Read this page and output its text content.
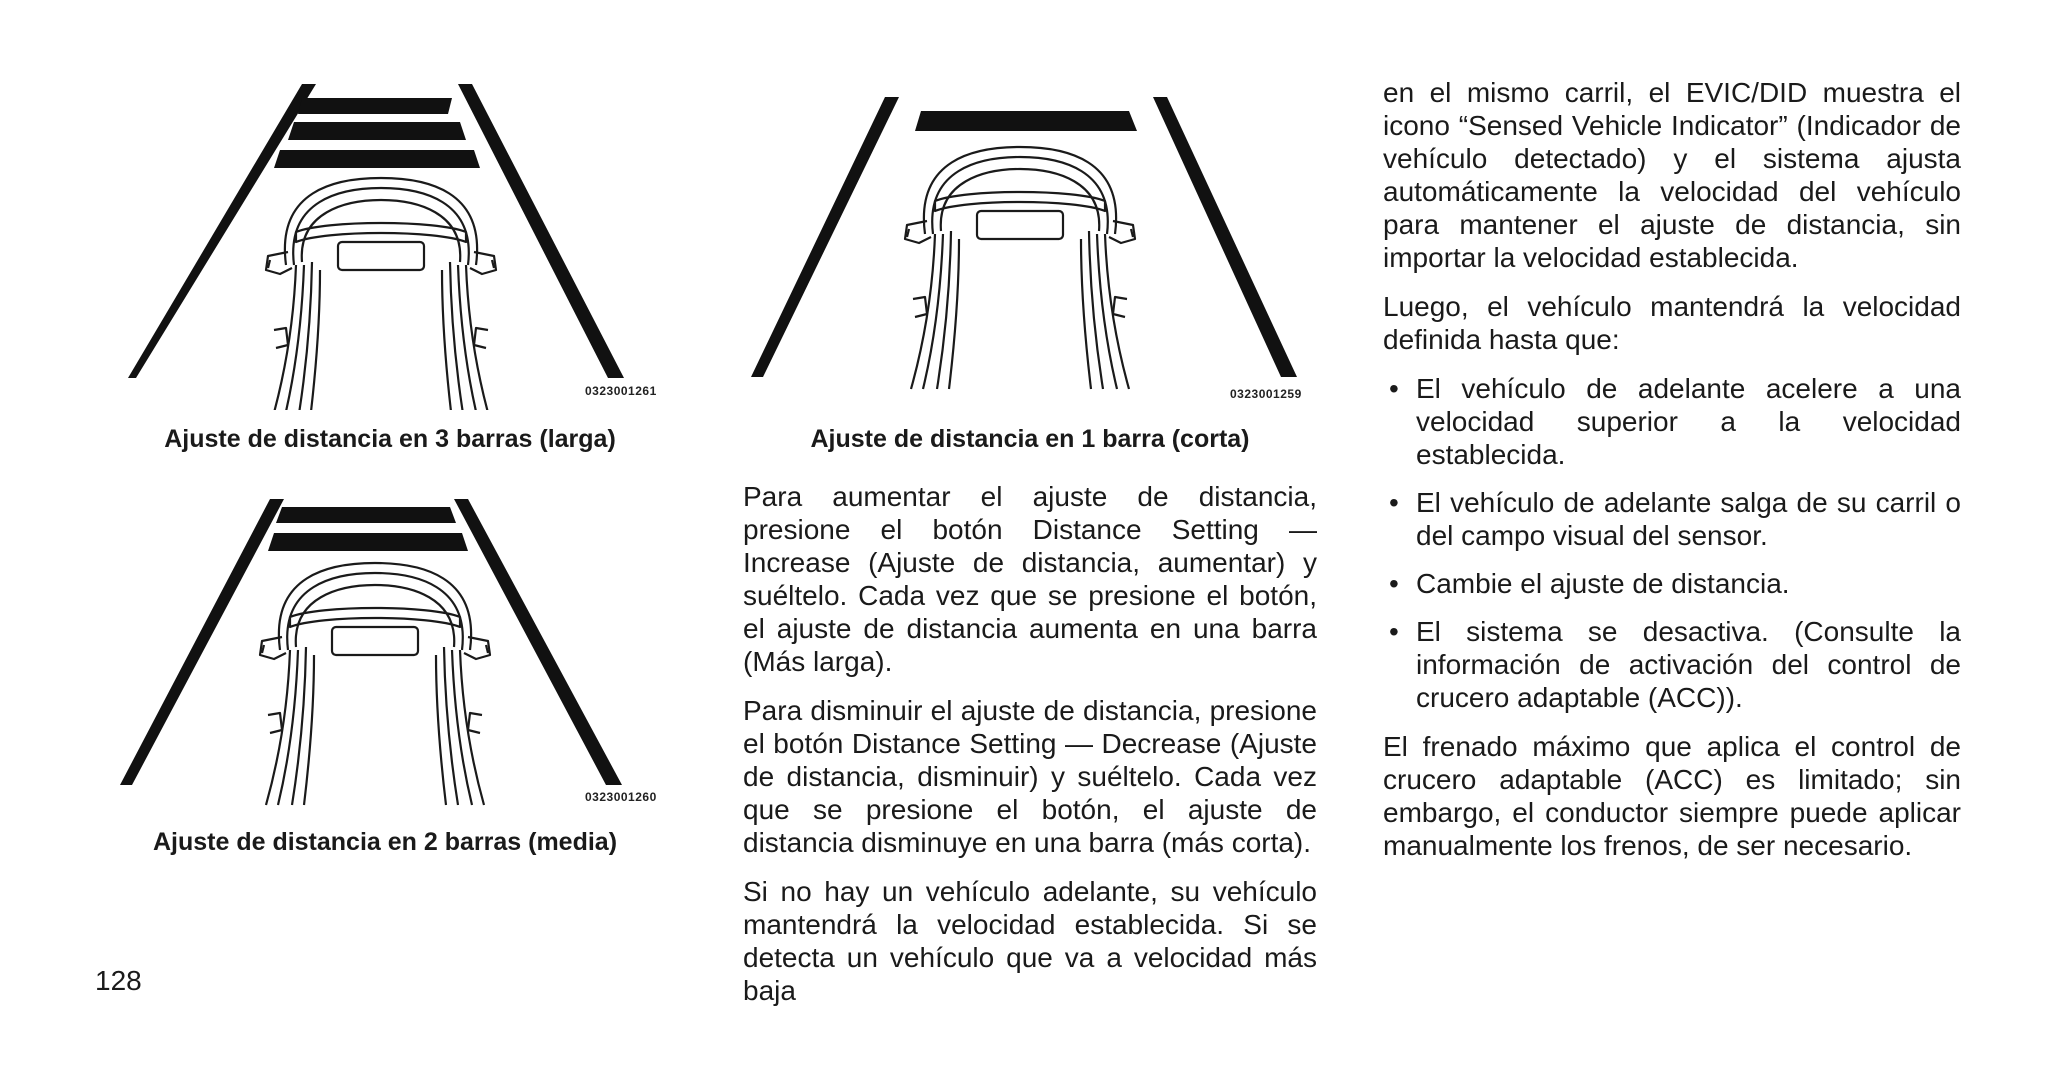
0323001261
Ajuste de distancia en 3 barras (larga)
0323001260
Ajuste de distancia en 2 barras (media)
0323001259
Ajuste de distancia en 1 barra (corta)

Para aumentar el ajuste de distancia, presione el botón Distance Setting — Increase (Ajuste de distancia, aumentar) y suéltelo. Cada vez que se presione el botón, el ajuste de distancia aumenta en una barra (Más larga).

Para disminuir el ajuste de distancia, presione el botón Distance Setting — Decrease (Ajuste de distancia, disminuir) y suéltelo. Cada vez que se presione el botón, el ajuste de distancia disminuye en una barra (más corta).

Si no hay un vehículo adelante, su vehículo mantendrá la velocidad establecida. Si se detecta un vehículo que va a velocidad más baja

en el mismo carril, el EVIC/DID muestra el icono “Sensed Vehicle Indicator” (Indicador de vehículo detectado) y el sistema ajusta automáticamente la velocidad del vehículo para mantener el ajuste de distancia, sin importar la velocidad establecida.

Luego, el vehículo mantendrá la velocidad definida hasta que:

• El vehículo de adelante acelere a una velocidad superior a la velocidad establecida.
• El vehículo de adelante salga de su carril o del campo visual del sensor.
• Cambie el ajuste de distancia.
• El sistema se desactiva. (Consulte la información de activación del control de crucero adaptable (ACC)).

El frenado máximo que aplica el control de crucero adaptable (ACC) es limitado; sin embargo, el conductor siempre puede aplicar manualmente los frenos, de ser necesario.

128
